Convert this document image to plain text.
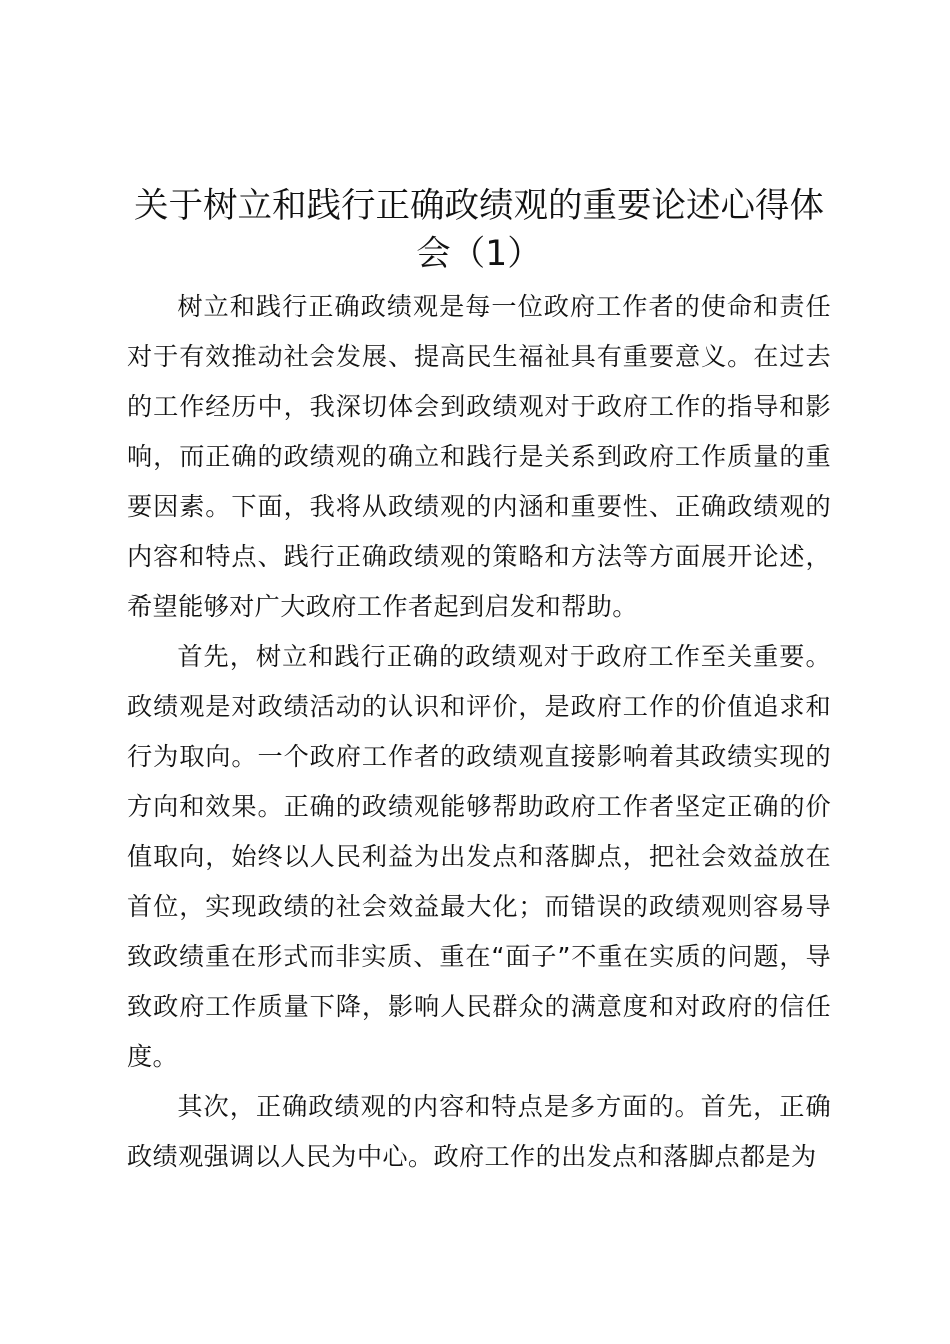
关于树立和践行正确政绩观的重要论述心得体会（1）

树立和践行正确政绩观是每一位政府工作者的使命和责任对于有效推动社会发展、提高民生福祉具有重要意义。在过去的工作经历中，我深切体会到政绩观对于政府工作的指导和影响，而正确的政绩观的确立和践行是关系到政府工作质量的重要因素。下面，我将从政绩观的内涵和重要性、正确政绩观的内容和特点、践行正确政绩观的策略和方法等方面展开论述，希望能够对广大政府工作者起到启发和帮助。

首先，树立和践行正确的政绩观对于政府工作至关重要。政绩观是对政绩活动的认识和评价，是政府工作的价值追求和行为取向。一个政府工作者的政绩观直接影响着其政绩实现的方向和效果。正确的政绩观能够帮助政府工作者坚定正确的价值取向，始终以人民利益为出发点和落脚点，把社会效益放在首位，实现政绩的社会效益最大化；而错误的政绩观则容易导致政绩重在形式而非实质、重在“面子”不重在实质的问题，导致政府工作质量下降，影响人民群众的满意度和对政府的信任度。

其次，正确政绩观的内容和特点是多方面的。首先，正确政绩观强调以人民为中心。政府工作的出发点和落脚点都是为
